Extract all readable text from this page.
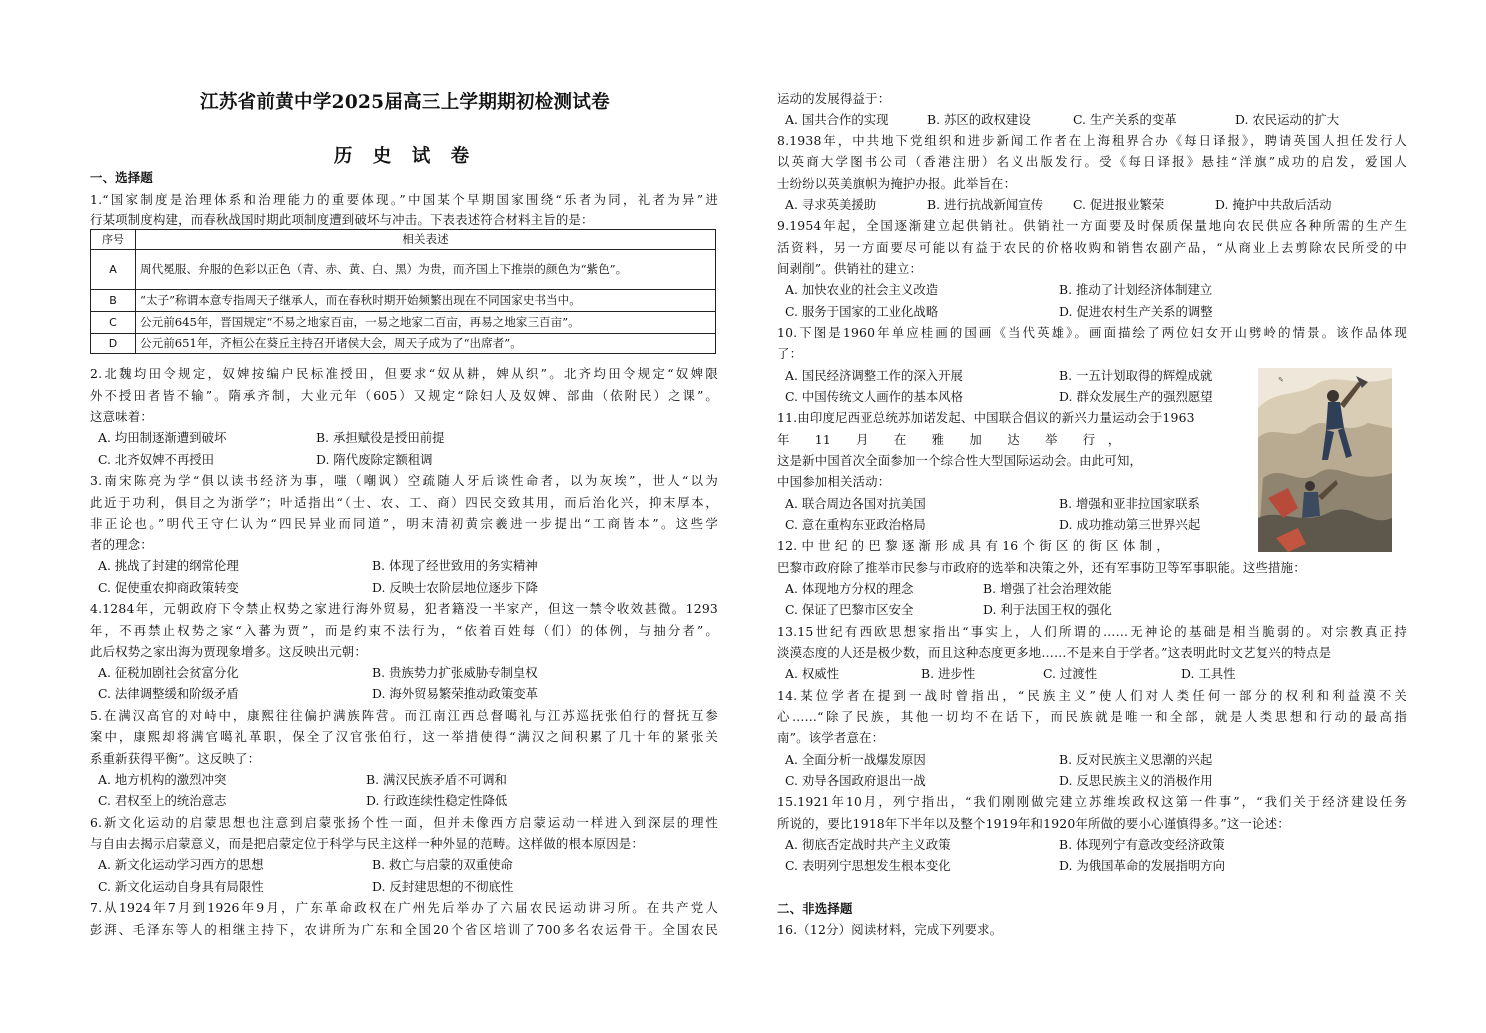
江苏省前黄中学2025届高三上学期期初检测试卷
历 史 试 卷
一、选择题
1.“国家制度是治理体系和治理能力的重要体现。”中国某个早期国家围绕“乐者为同，礼者为异”进
行某项制度构建，而春秋战国时期此项制度遭到破坏与冲击。下表表述符合材料主旨的是：
序号	相关表述
A	周代冕服、弁服的色彩以正色（青、赤、黄、白、黑）为贵，而齐国上下推崇的颜色为“紫色”。
B	“太子”称谓本意专指周天子继承人，而在春秋时期开始频繁出现在不同国家史书当中。
C	公元前645年，晋国规定“不易之地家百亩，一易之地家二百亩，再易之地家三百亩”。
D	公元前651年，齐桓公在葵丘主持召开诸侯大会，周天子成为了“出席者”。
2.北魏均田令规定，奴婢按编户民标准授田，但要求“奴从耕，婢从织”。北齐均田令规定“奴婢限
外不授田者皆不输”。隋承齐制，大业元年（605）又规定“除妇人及奴婢、部曲（依附民）之课”。
这意味着：
A. 均田制逐渐遭到破坏	B. 承担赋役是授田前提
C. 北齐奴婢不再授田	D. 隋代废除定额租调
3.南宋陈亮为学“俱以读书经济为事，嗤（嘲讽）空疏随人牙后谈性命者，以为灰埃”，世人“以为
此近于功利，俱目之为浙学”；叶适指出“（士、农、工、商）四民交致其用，而后治化兴，抑末厚本，
非正论也。”明代王守仁认为“四民异业而同道”，明末清初黄宗羲进一步提出“工商皆本”。这些学
者的理念：
A. 挑战了封建的纲常伦理	B. 体现了经世致用的务实精神
C. 促使重农抑商政策转变	D. 反映士农阶层地位逐步下降
4.1284年，元朝政府下令禁止权势之家进行海外贸易，犯者籍没一半家产，但这一禁令收效甚微。1293
年，不再禁止权势之家“入蕃为贾”，而是约束不法行为，“依着百姓每（们）的体例，与抽分者”。
此后权势之家出海为贾现象增多。这反映出元朝：
A. 征税加剧社会贫富分化	B. 贵族势力扩张威胁专制皇权
C. 法律调整缓和阶级矛盾	D. 海外贸易繁荣推动政策变革
5.在满汉高官的对峙中，康熙往往偏护满族阵营。而江南江西总督噶礼与江苏巡抚张伯行的督抚互参
案中，康熙却将满官噶礼革职，保全了汉官张伯行，这一举措使得“满汉之间积累了几十年的紧张关
系重新获得平衡”。这反映了：
A. 地方机构的激烈冲突	B. 满汉民族矛盾不可调和
C. 君权至上的统治意志	D. 行政连续性稳定性降低
6.新文化运动的启蒙思想也注意到启蒙张扬个性一面，但并未像西方启蒙运动一样进入到深层的理性
与自由去揭示启蒙意义，而是把启蒙定位于科学与民主这样一种外显的范畴。这样做的根本原因是：
A. 新文化运动学习西方的思想	B. 救亡与启蒙的双重使命
C. 新文化运动自身具有局限性	D. 反封建思想的不彻底性
7.从1924年7月到1926年9月，广东革命政权在广州先后举办了六届农民运动讲习所。在共产党人
彭湃、毛泽东等人的相继主持下，农讲所为广东和全国20个省区培训了700多名农运骨干。全国农民
运动的发展得益于：
A. 国共合作的实现	B. 苏区的政权建设	C. 生产关系的变革	D. 农民运动的扩大
8.1938年，中共地下党组织和进步新闻工作者在上海租界合办《每日译报》，聘请英国人担任发行人
以英商大学图书公司（香港注册）名义出版发行。受《每日译报》悬挂“洋旗”成功的启发，爱国人
士纷纷以英美旗帜为掩护办报。此举旨在：
A. 寻求英美援助	B. 进行抗战新闻宣传 C. 促进报业繁荣	D. 掩护中共敌后活动
9.1954年起，全国逐渐建立起供销社。供销社一方面要及时保质保量地向农民供应各种所需的生产生
活资料，另一方面要尽可能以有益于农民的价格收购和销售农副产品，“从商业上去剪除农民所受的中
间剥削”。供销社的建立：
A. 加快农业的社会主义改造	B. 推动了计划经济体制建立
C. 服务于国家的工业化战略	D. 促进农村生产关系的调整
10.下图是1960年单应桂画的国画《当代英雄》。画面描绘了两位妇女开山劈岭的情景。该作品体现
了：
A. 国民经济调整工作的深入开展	B. 一五计划取得的辉煌成就
C. 中国传统文人画作的基本风格	D. 群众发展生产的强烈愿望
11.由印度尼西亚总统苏加诺发起、中国联合倡议的新兴力量运动会于1963
年　　11　　月　　在　　雅　　加　　达　　举　　行　，
这是新中国首次全面参加一个综合性大型国际运动会。由此可知，
中国参加相关活动：
A. 联合周边各国对抗美国	B. 增强和亚非拉国家联系
C. 意在重构东亚政治格局	D. 成功推动第三世界兴起
12. 中 世 纪 的 巴 黎 逐 渐 形 成 具 有 16 个 街 区 的 街 区 体 制 ，
巴黎市政府除了推举市民参与市政府的选举和决策之外，还有军事防卫等军事职能。这些措施：
A. 体现地方分权的理念	B. 增强了社会治理效能
C. 保证了巴黎市区安全	D. 利于法国王权的强化
13.15世纪有西欧思想家指出“事实上，人们所谓的……无神论的基础是相当脆弱的。对宗教真正持
淡漠态度的人还是极少数，而且这种态度更多地……不是来自于学者。”这表明此时文艺复兴的特点是
A. 权威性	B. 进步性	C. 过渡性	D. 工具性
14.某位学者在提到一战时曾指出，“民族主义”使人们对人类任何一部分的权利和利益漠不关
心……“除了民族，其他一切均不在话下，而民族就是唯一和全部，就是人类思想和行动的最高指
南”。该学者意在：
A. 全面分析一战爆发原因	B. 反对民族主义思潮的兴起
C. 劝导各国政府退出一战	D. 反思民族主义的消极作用
15.1921年10月，列宁指出，“我们刚刚做完建立苏维埃政权这第一件事”，“我们关于经济建设任务
所说的，要比1918年下半年以及整个1919年和1920年所做的要小心谨慎得多。”这一论述：
A. 彻底否定战时共产主义政策	B. 体现列宁有意改变经济政策
C. 表明列宁思想发生根本变化	D. 为俄国革命的发展指明方向
二、非选择题
16.（12分）阅读材料，完成下列要求。
✎
